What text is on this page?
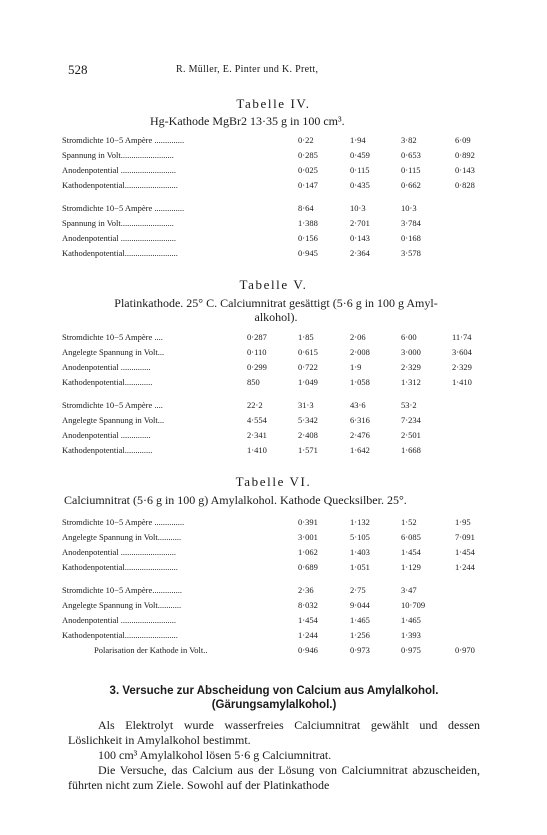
528	R. Müller, E. Pinter und K. Prett,
Tabelle IV.
Hg-Kathode MgBr2 13·35 g in 100 cm³.
Stromdichte 10−5 Ampère ..............	0·22	1·94	3·82	6·09
Spannung in Volt.........................	0·285	0·459	0·653	0·892
Anodenpotential ..........................	0·025	0·115	0·115	0·143
Kathodenpotential.........................	0·147	0·435	0·662	0·828
Stromdichte 10−5 Ampère ..............	8·64	10·3	10·3
Spannung in Volt.........................	1·388	2·701	3·784
Anodenpotential ..........................	0·156	0·143	0·168
Kathodenpotential.........................	0·945	2·364	3·578
Tabelle V.
Platinkathode. 25° C. Calciumnitrat gesättigt (5·6 g in 100 g Amyl-
alkohol).
Stromdichte 10−5 Ampère ....	0·287	1·85	2·06	6·00	11·74
Angelegte Spannung in Volt...	0·110	0·615	2·008	3·000	3·604
Anodenpotential ..............	0·299	0·722	1·9	2·329	2·329
Kathodenpotential.............	850	1·049	1·058	1·312	1·410
Stromdichte 10−5 Ampère ....	22·2	31·3	43·6	53·2
Angelegte Spannung in Volt...	4·554	5·342	6·316	7·234
Anodenpotential ..............	2·341	2·408	2·476	2·501
Kathodenpotential.............	1·410	1·571	1·642	1·668
Tabelle VI.
Calciumnitrat (5·6 g in 100 g) Amylalkohol. Kathode Quecksilber. 25°.
Stromdichte 10−5 Ampère ..............	0·391	1·132	1·52	1·95
Angelegte Spannung in Volt...........	3·001	5·105	6·085	7·091
Anodenpotential ..........................	1·062	1·403	1·454	1·454
Kathodenpotential.........................	0·689	1·051	1·129	1·244
Stromdichte 10−5 Ampère..............	2·36	2·75	3·47
Angelegte Spannung in Volt...........	8·032	9·044	10·709
Anodenpotential ..........................	1·454	1·465	1·465
Kathodenpotential.........................	1·244	1·256	1·393
Polarisation der Kathode in Volt..	0·946	0·973	0·975	0·970
3. Versuche zur Abscheidung von Calcium aus Amylalkohol.
(Gärungsamylalkohol.)

Als Elektrolyt wurde wasserfreies Calciumnitrat gewählt und dessen Löslichkeit in Amylalkohol bestimmt.

100 cm³ Amylalkohol lösen 5·6 g Calciumnitrat.

Die Versuche, das Calcium aus der Lösung von Calciumnitrat abzuscheiden, führten nicht zum Ziele. Sowohl auf der Platinkathode
